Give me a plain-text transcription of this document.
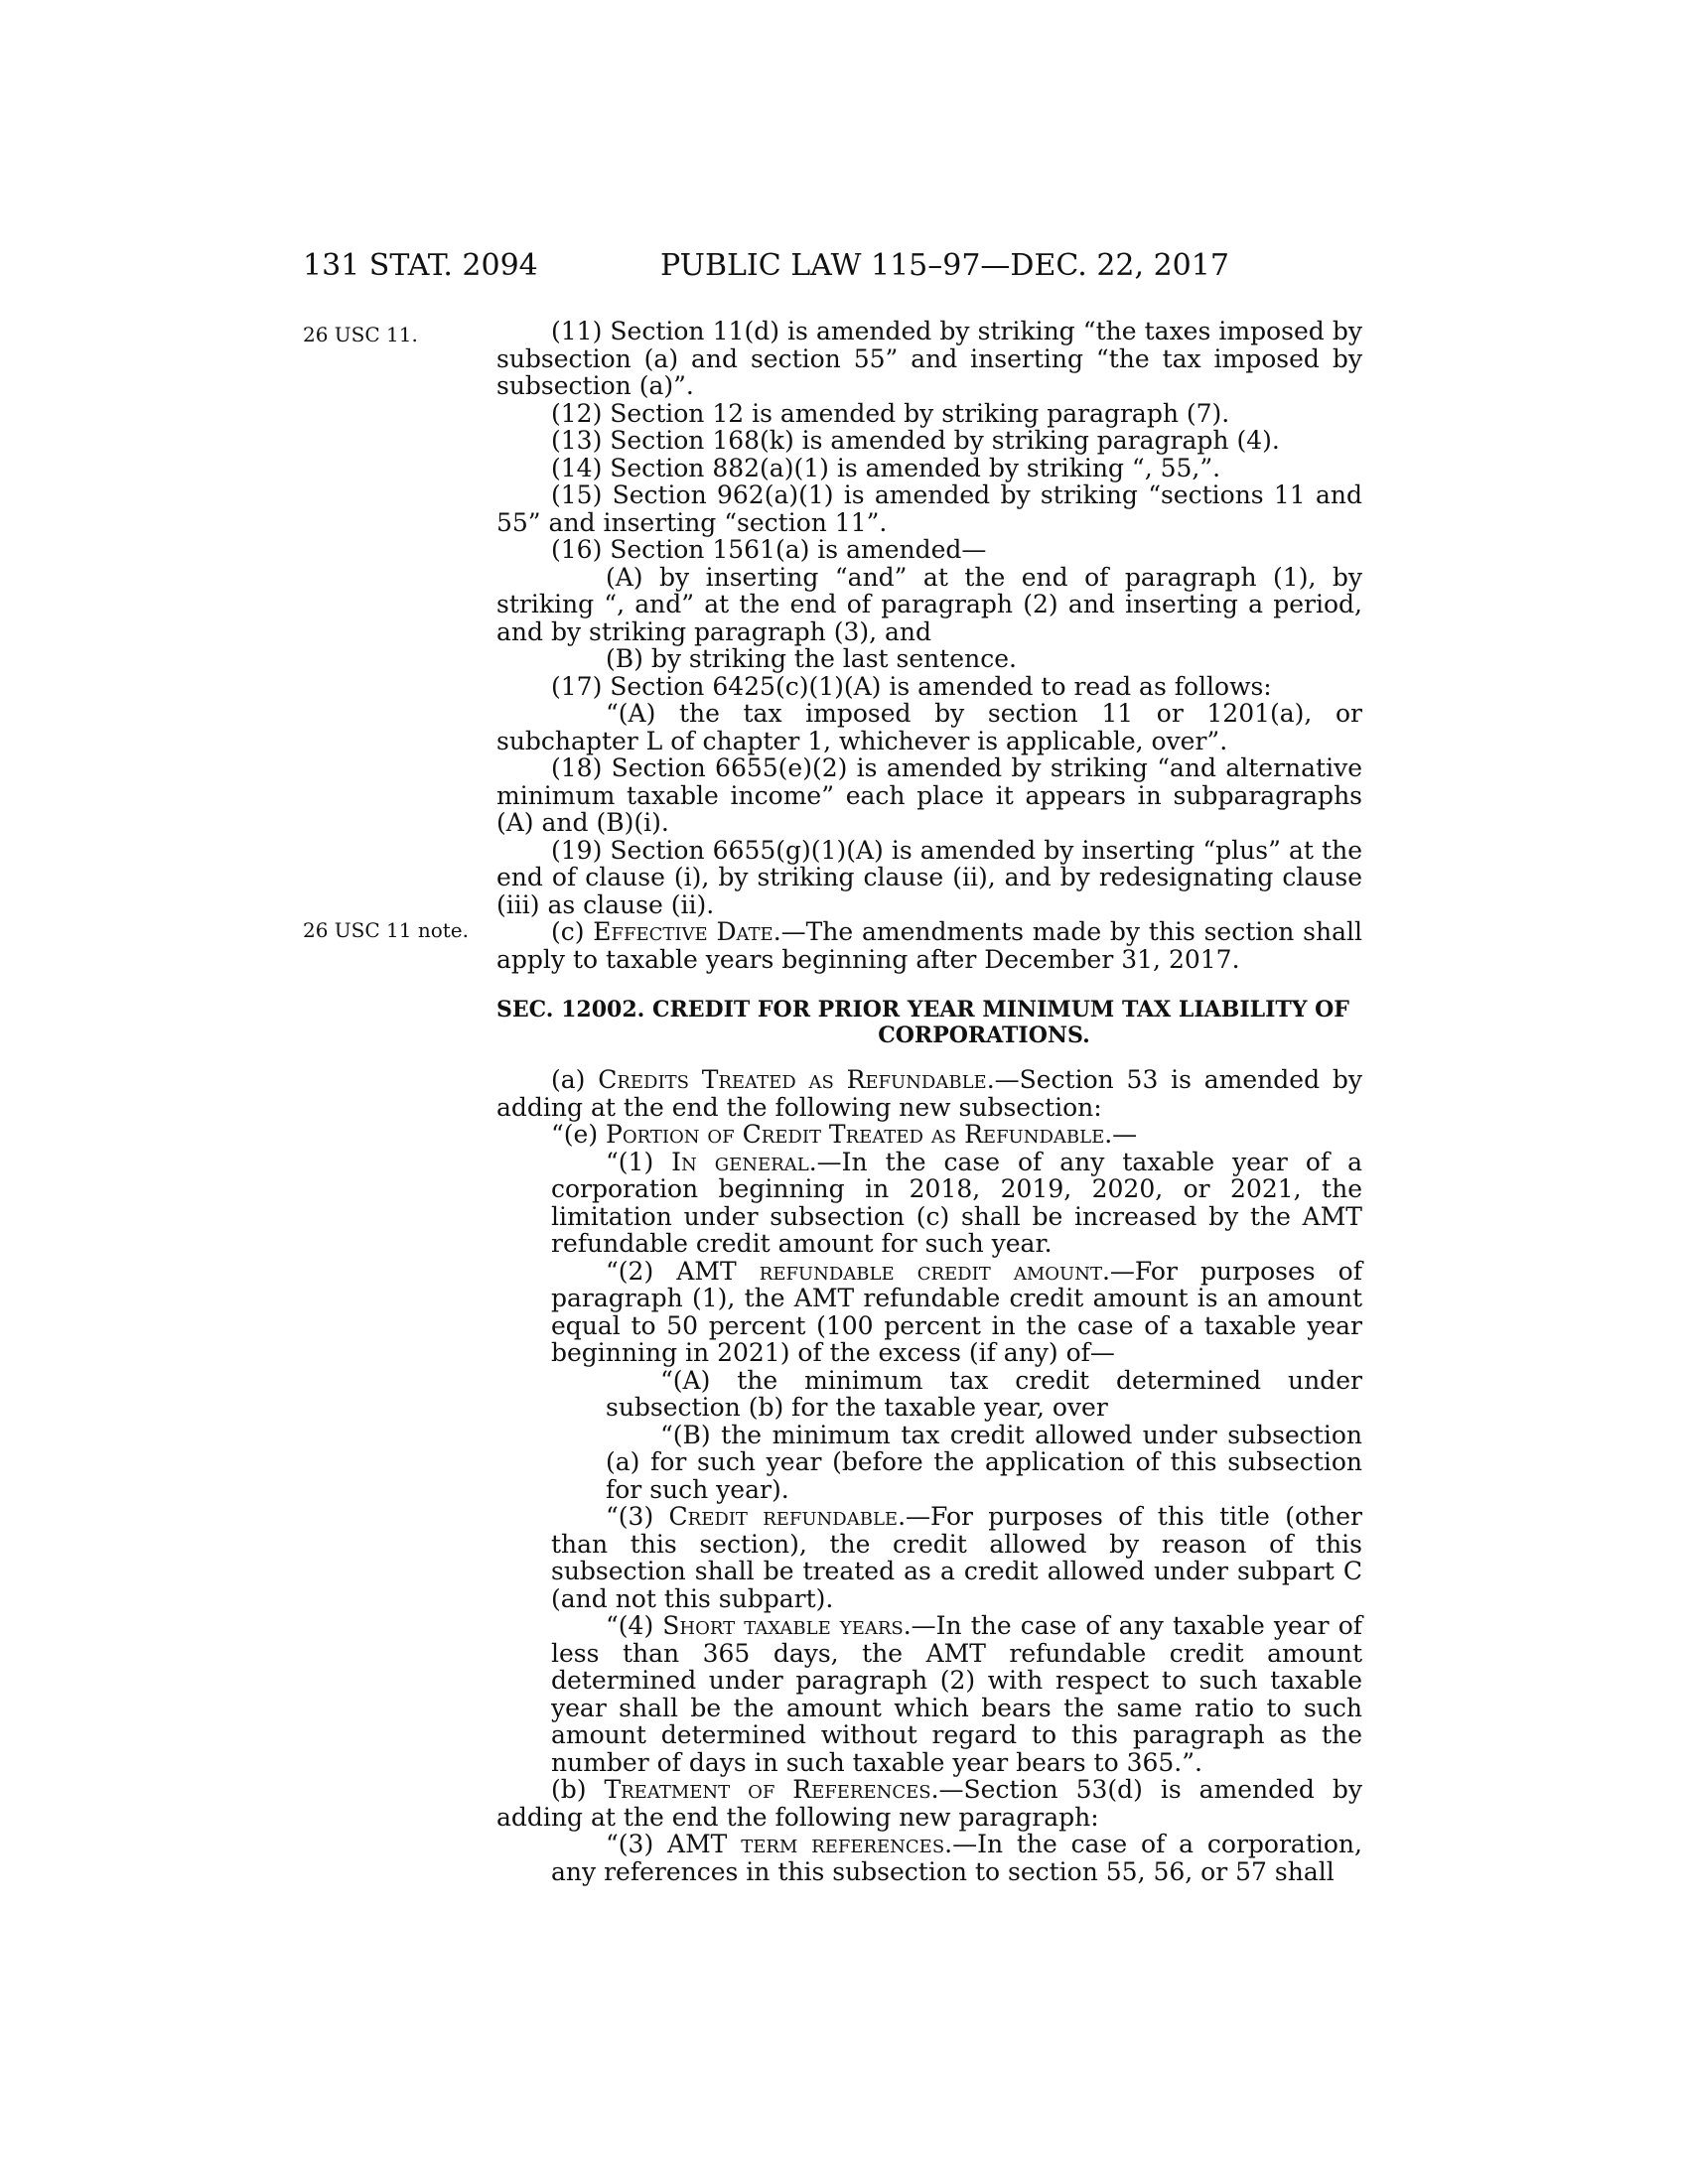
131 STAT. 2094	PUBLIC LAW 115–97—DEC. 22, 2017
26 USC 11.
26 USC 11 note.

(11) Section 11(d) is amended by striking “the taxes imposed by subsection (a) and section 55” and inserting “the tax imposed by subsection (a)”.

(12) Section 12 is amended by striking paragraph (7).

(13) Section 168(k) is amended by striking paragraph (4).

(14) Section 882(a)(1) is amended by striking “, 55,”.

(15) Section 962(a)(1) is amended by striking “sections 11 and 55” and inserting “section 11”.

(16) Section 1561(a) is amended—

(A) by inserting “and” at the end of paragraph (1), by striking “, and” at the end of paragraph (2) and inserting a period, and by striking paragraph (3), and

(B) by striking the last sentence.

(17) Section 6425(c)(1)(A) is amended to read as follows:

“(A) the tax imposed by section 11 or 1201(a), or subchapter L of chapter 1, whichever is applicable, over”.

(18) Section 6655(e)(2) is amended by striking “and alternative minimum taxable income” each place it appears in subparagraphs (A) and (B)(i).

(19) Section 6655(g)(1)(A) is amended by inserting “plus” at the end of clause (i), by striking clause (ii), and by redesignating clause (iii) as clause (ii).

(c) Effective Date.—The amendments made by this section shall apply to taxable years beginning after December 31, 2017.

SEC. 12002. CREDIT FOR PRIOR YEAR MINIMUM TAX LIABILITY OF
CORPORATIONS.

(a) Credits Treated as Refundable.—Section 53 is amended by adding at the end the following new subsection:

“(e) Portion of Credit Treated as Refundable.—

“(1) In general.—In the case of any taxable year of a corporation beginning in 2018, 2019, 2020, or 2021, the limitation under subsection (c) shall be increased by the AMT refundable credit amount for such year.

“(2) AMT refundable credit amount.—For purposes of paragraph (1), the AMT refundable credit amount is an amount equal to 50 percent (100 percent in the case of a taxable year beginning in 2021) of the excess (if any) of—

“(A) the minimum tax credit determined under subsection (b) for the taxable year, over

“(B) the minimum tax credit allowed under subsection (a) for such year (before the application of this subsection for such year).

“(3) Credit refundable.—For purposes of this title (other than this section), the credit allowed by reason of this subsection shall be treated as a credit allowed under subpart C (and not this subpart).

“(4) Short taxable years.—In the case of any taxable year of less than 365 days, the AMT refundable credit amount determined under paragraph (2) with respect to such taxable year shall be the amount which bears the same ratio to such amount determined without regard to this paragraph as the number of days in such taxable year bears to 365.”.

(b) Treatment of References.—Section 53(d) is amended by adding at the end the following new paragraph:

“(3) AMT term references.—In the case of a corporation, any references in this subsection to section 55, 56, or 57 shall
